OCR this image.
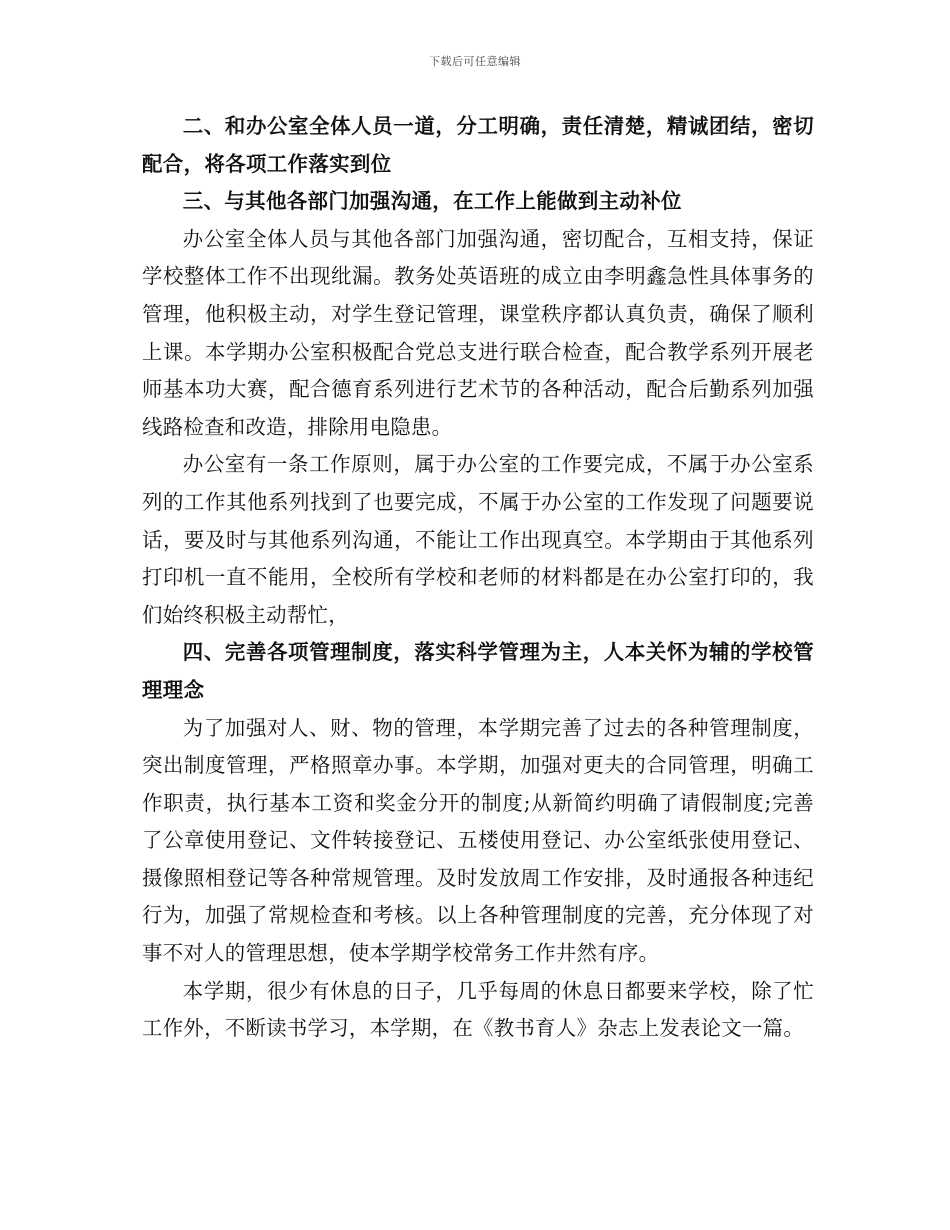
下载后可任意编辑

二、和办公室全体人员一道，分工明确，责任清楚，精诚团结，密切配合，将各项工作落实到位

三、与其他各部门加强沟通，在工作上能做到主动补位

办公室全体人员与其他各部门加强沟通，密切配合，互相支持，保证学校整体工作不出现纰漏。教务处英语班的成立由李明鑫急性具体事务的管理，他积极主动，对学生登记管理，课堂秩序都认真负责，确保了顺利上课。本学期办公室积极配合党总支进行联合检查，配合教学系列开展老师基本功大赛，配合德育系列进行艺术节的各种活动，配合后勤系列加强线路检查和改造，排除用电隐患。

办公室有一条工作原则，属于办公室的工作要完成，不属于办公室系列的工作其他系列找到了也要完成，不属于办公室的工作发现了问题要说话，要及时与其他系列沟通，不能让工作出现真空。本学期由于其他系列打印机一直不能用，全校所有学校和老师的材料都是在办公室打印的，我们始终积极主动帮忙，

四、完善各项管理制度，落实科学管理为主，人本关怀为辅的学校管理理念

为了加强对人、财、物的管理，本学期完善了过去的各种管理制度，突出制度管理，严格照章办事。本学期，加强对更夫的合同管理，明确工作职责，执行基本工资和奖金分开的制度;从新简约明确了请假制度;完善了公章使用登记、文件转接登记、五楼使用登记、办公室纸张使用登记、摄像照相登记等各种常规管理。及时发放周工作安排，及时通报各种违纪行为，加强了常规检查和考核。以上各种管理制度的完善，充分体现了对事不对人的管理思想，使本学期学校常务工作井然有序。

本学期，很少有休息的日子，几乎每周的休息日都要来学校，除了忙工作外，不断读书学习，本学期，在《教书育人》杂志上发表论文一篇。
